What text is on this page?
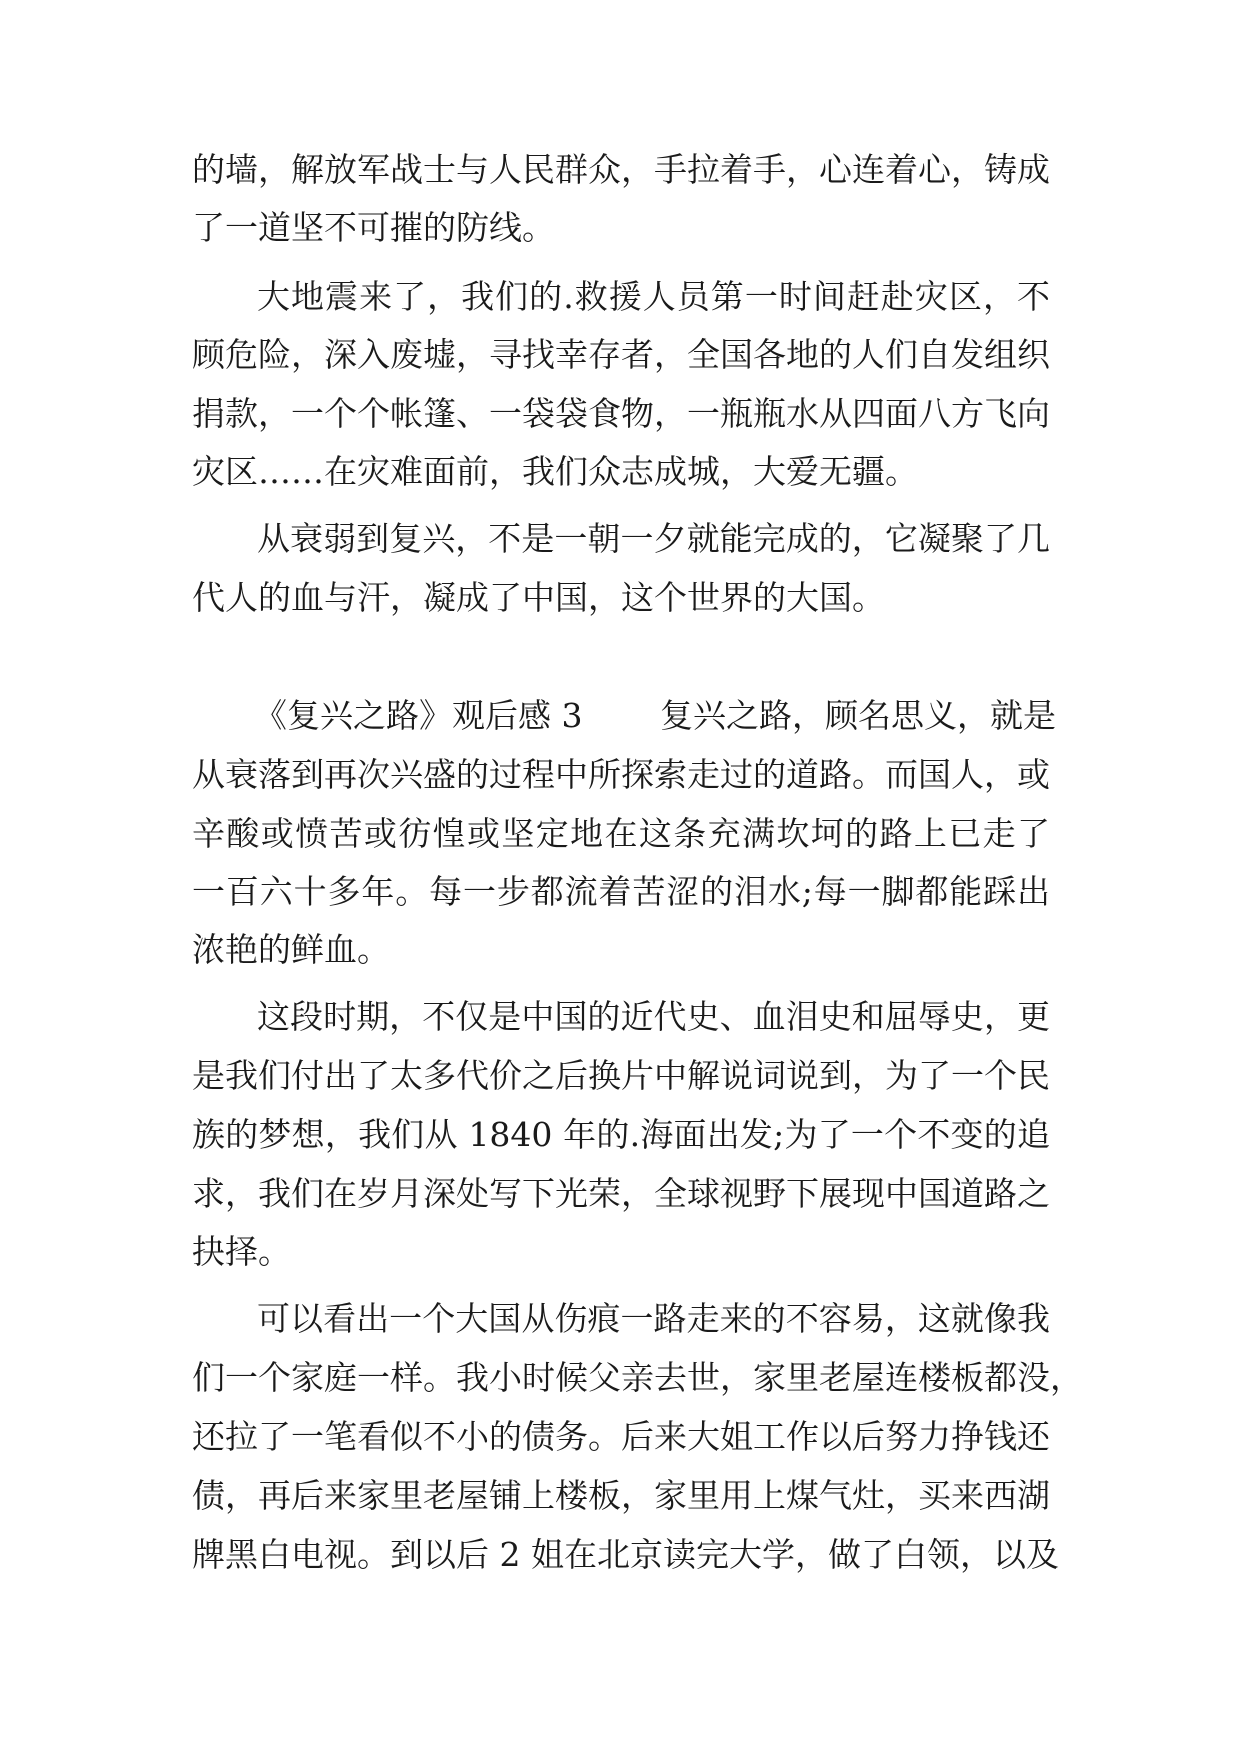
的墙，解放军战士与人民群众，手拉着手，心连着心，铸成

了一道坚不可摧的防线。

大地震来了，我们的.救援人员第一时间赶赴灾区，不

顾危险，深入废墟，寻找幸存者，全国各地的人们自发组织

捐款，一个个帐篷、一袋袋食物，一瓶瓶水从四面八方飞向

灾区……在灾难面前，我们众志成城，大爱无疆。

从衰弱到复兴，不是一朝一夕就能完成的，它凝聚了几

代人的血与汗，凝成了中国，这个世界的大国。

《复兴之路》观后感 3 复兴之路，顾名思义，就是

从衰落到再次兴盛的过程中所探索走过的道路。而国人，或

辛酸或愤苦或彷惶或坚定地在这条充满坎坷的路上已走了

一百六十多年。每一步都流着苦涩的泪水;每一脚都能踩出

浓艳的鲜血。

这段时期，不仅是中国的近代史、血泪史和屈辱史，更

是我们付出了太多代价之后换片中解说词说到，为了一个民

族的梦想，我们从 1840 年的.海面出发;为了一个不变的追

求，我们在岁月深处写下光荣，全球视野下展现中国道路之

抉择。

可以看出一个大国从伤痕一路走来的不容易，这就像我

们一个家庭一样。我小时候父亲去世，家里老屋连楼板都没，

还拉了一笔看似不小的债务。后来大姐工作以后努力挣钱还

债，再后来家里老屋铺上楼板，家里用上煤气灶，买来西湖

牌黑白电视。到以后 2 姐在北京读完大学，做了白领，以及
